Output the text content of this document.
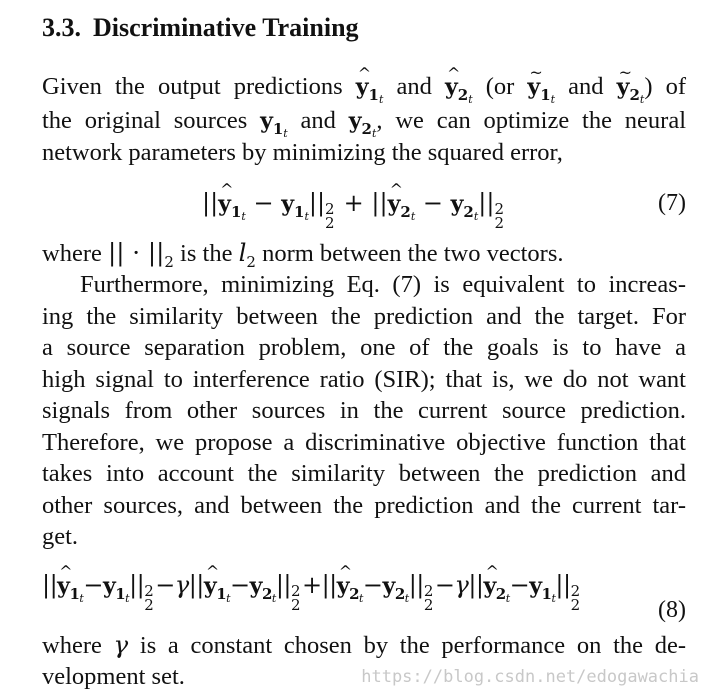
3.3. Discriminative Training

Given the output predictions ^ $y_{1_t}$ and ^ $y_{2_t}$ (or ~ $y_{1_t}$ and ~ $y_{2_t}$) of
the original sources $y_{1_t}$ and $y_{2_t}$, we can optimize the neural
network parameters by minimizing the squared error,

||^ $y_{1_t} - y_{1_t}||$ 2
2
+ ||^ $y_{2_t} - y_{2_t}||$ 2
2
(7)

where || · $||_2$ is the $l_2$ norm between the two vectors.

Furthermore, minimizing Eq. (7) is equivalent to increas-
ing the similarity between the prediction and the target. For
a source separation problem, one of the goals is to have a
high signal to interference ratio (SIR); that is, we do not want
signals from other sources in the current source prediction.
Therefore, we propose a discriminative objective function that
takes into account the similarity between the prediction and
other sources, and between the prediction and the current tar-
get.

||^ $y_{1_t}-y_{1_t}||$ 2
2
−γ||^ $y_{1_t}-y_{2_t}||$ 2
2
+||^ $y_{2_t}-y_{2_t}||$ 2
2
−γ||^ $y_{2_t}-y_{1_t}||$ 2
2	(8)

where γ is a constant chosen by the performance on the de-
velopment set.	https://blog.csdn.net/edogawachia
